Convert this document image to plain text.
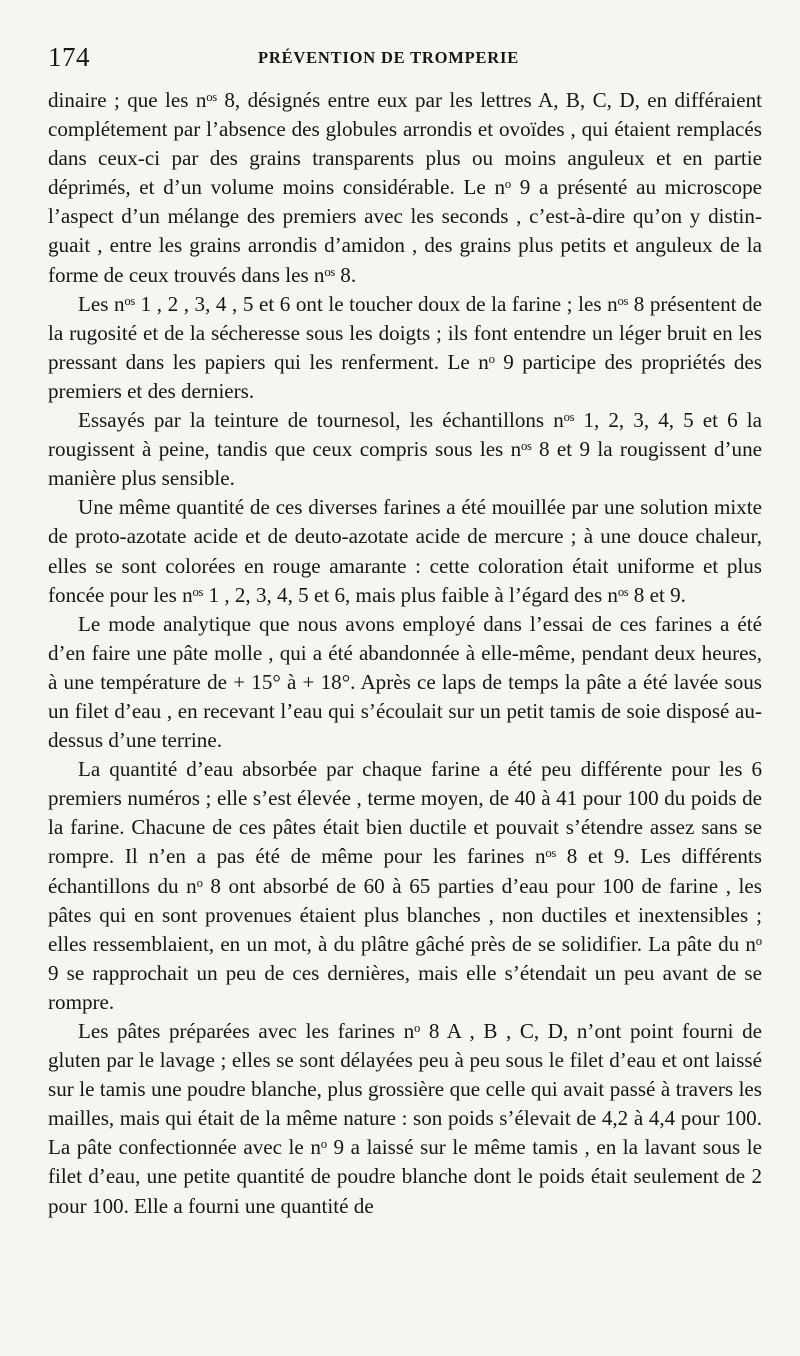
174	PRÉVENTION DE TROMPERIE

dinaire ; que les nᵒˢ 8, désignés entre eux par les lettres A, B, C, D, en différaient complétement par l’absence des globules arrondis et ovoïdes , qui étaient remplacés dans ceux-ci par des grains transparents plus ou moins anguleux et en partie déprimés, et d’un volume moins considérable. Le nᵒ 9 a présenté au microscope l’aspect d’un mélange des premiers avec les seconds , c’est-à-dire qu’on y distinguait , entre les grains arrondis d’amidon , des grains plus petits et anguleux de la forme de ceux trouvés dans les nᵒˢ 8.

Les nᵒˢ 1 , 2 , 3, 4 , 5 et 6 ont le toucher doux de la farine ; les nᵒˢ 8 présentent de la rugosité et de la sécheresse sous les doigts ; ils font entendre un léger bruit en les pressant dans les papiers qui les renferment. Le nᵒ 9 participe des propriétés des premiers et des derniers.

Essayés par la teinture de tournesol, les échantillons nᵒˢ 1, 2, 3, 4, 5 et 6 la rougissent à peine, tandis que ceux compris sous les nᵒˢ 8 et 9 la rougissent d’une manière plus sensible.

Une même quantité de ces diverses farines a été mouillée par une solution mixte de proto-azotate acide et de deuto-azotate acide de mercure ; à une douce chaleur, elles se sont colorées en rouge amarante : cette coloration était uniforme et plus foncée pour les nᵒˢ 1 , 2, 3, 4, 5 et 6, mais plus faible à l’égard des nᵒˢ 8 et 9.

Le mode analytique que nous avons employé dans l’essai de ces farines a été d’en faire une pâte molle , qui a été abandonnée à elle-même, pendant deux heures, à une température de + 15° à + 18°. Après ce laps de temps la pâte a été lavée sous un filet d’eau , en recevant l’eau qui s’écoulait sur un petit tamis de soie disposé au-dessus d’une terrine.

La quantité d’eau absorbée par chaque farine a été peu différente pour les 6 premiers numéros ; elle s’est élevée , terme moyen, de 40 à 41 pour 100 du poids de la farine. Chacune de ces pâtes était bien ductile et pouvait s’étendre assez sans se rompre. Il n’en a pas été de même pour les farines nᵒˢ 8 et 9. Les différents échantillons du nᵒ 8 ont absorbé de 60 à 65 parties d’eau pour 100 de farine , les pâtes qui en sont provenues étaient plus blanches , non ductiles et inextensibles ; elles ressemblaient, en un mot, à du plâtre gâché près de se solidifier. La pâte du nᵒ 9 se rapprochait un peu de ces dernières, mais elle s’étendait un peu avant de se rompre.

Les pâtes préparées avec les farines nᵒ 8 A , B , C, D, n’ont point fourni de gluten par le lavage ; elles se sont délayées peu à peu sous le filet d’eau et ont laissé sur le tamis une poudre blanche, plus grossière que celle qui avait passé à travers les mailles, mais qui était de la même nature : son poids s’élevait de 4,2 à 4,4 pour 100. La pâte confectionnée avec le nᵒ 9 a laissé sur le même tamis , en la lavant sous le filet d’eau, une petite quantité de poudre blanche dont le poids était seulement de 2 pour 100. Elle a fourni une quantité de
